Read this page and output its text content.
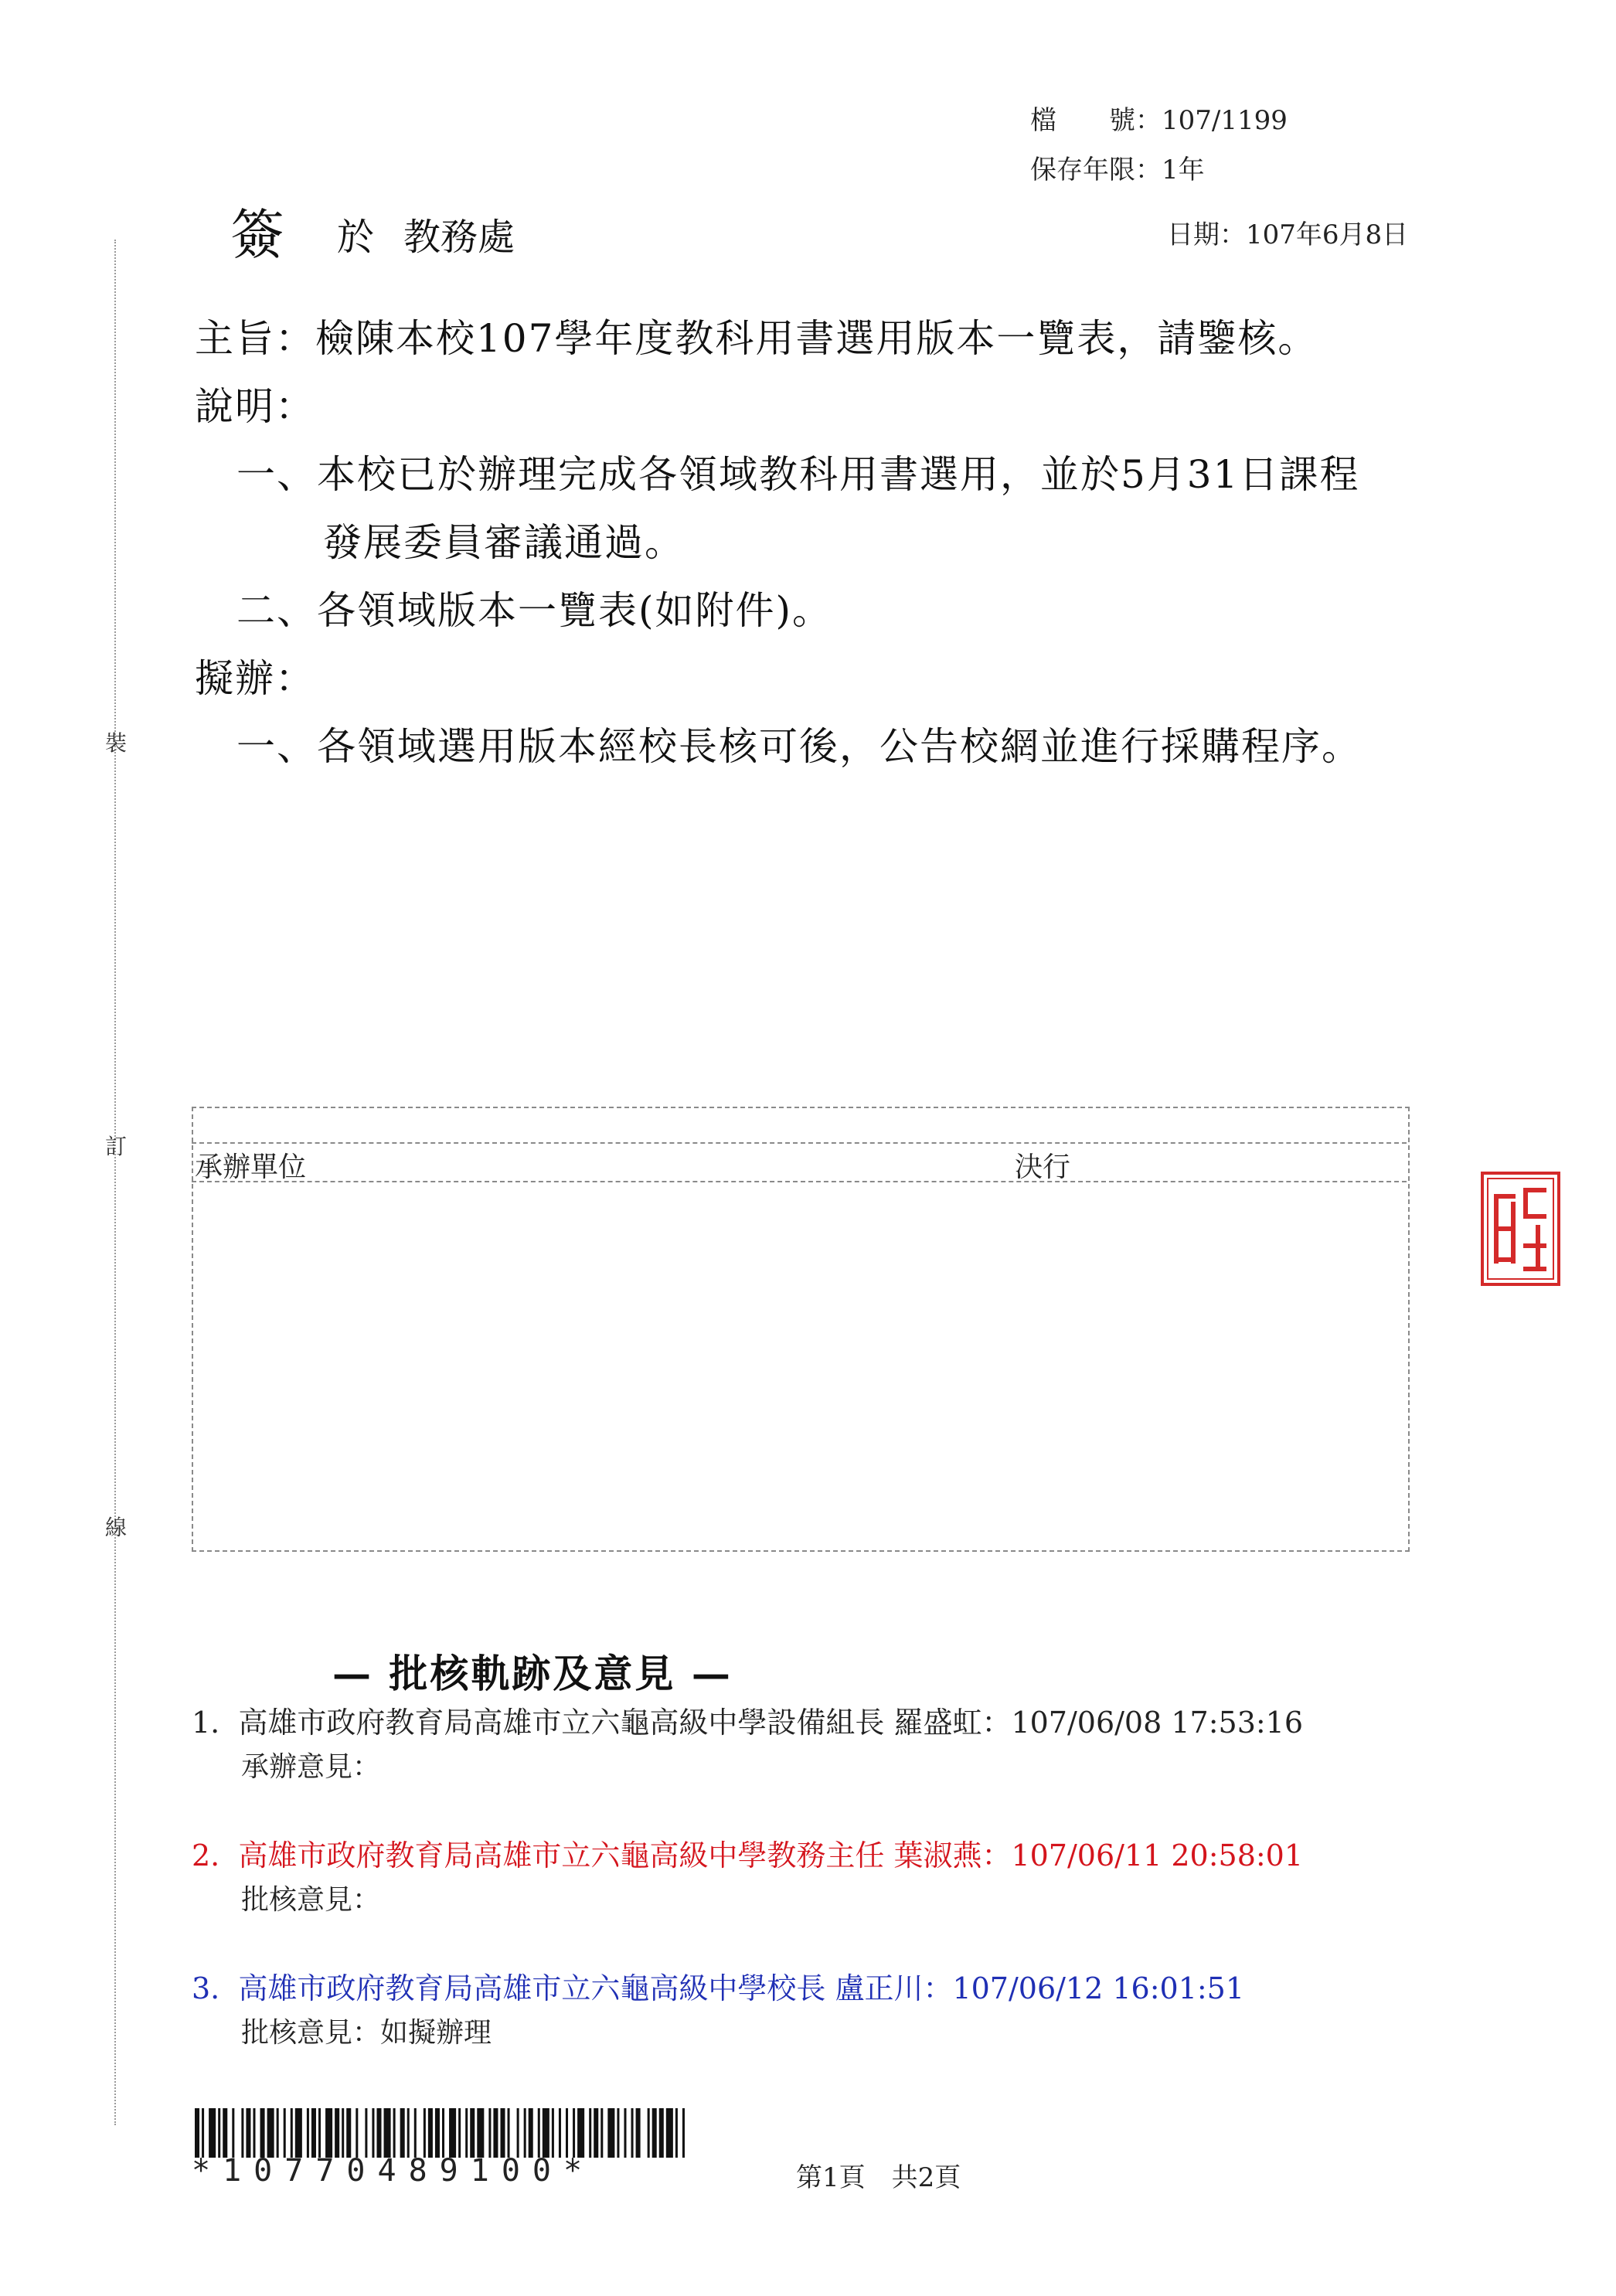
裝
訂
線
檔　　號：107/1199
保存年限：1年
簽 於 教務處	日期：107年6月8日
主旨：檢陳本校107學年度教科用書選用版本一覽表，請鑒核。
說明：
一、本校已於辦理完成各領域教科用書選用，並於5月31日課程
發展委員審議通過。
二、各領域版本一覽表(如附件)。
擬辦：
一、各領域選用版本經校長核可後，公告校網並進行採購程序。
承辦單位	決行
— 批核軌跡及意見 —
1. 高雄市政府教育局高雄市立六龜高級中學設備組長 羅盛虹：107/06/08 17:53:16
承辦意見：
2. 高雄市政府教育局高雄市立六龜高級中學教務主任 葉淑燕：107/06/11 20:58:01
批核意見：
3. 高雄市政府教育局高雄市立六龜高級中學校長 盧正川：107/06/12 16:01:51
批核意見：如擬辦理
*10770489100*	第1頁　共2頁
